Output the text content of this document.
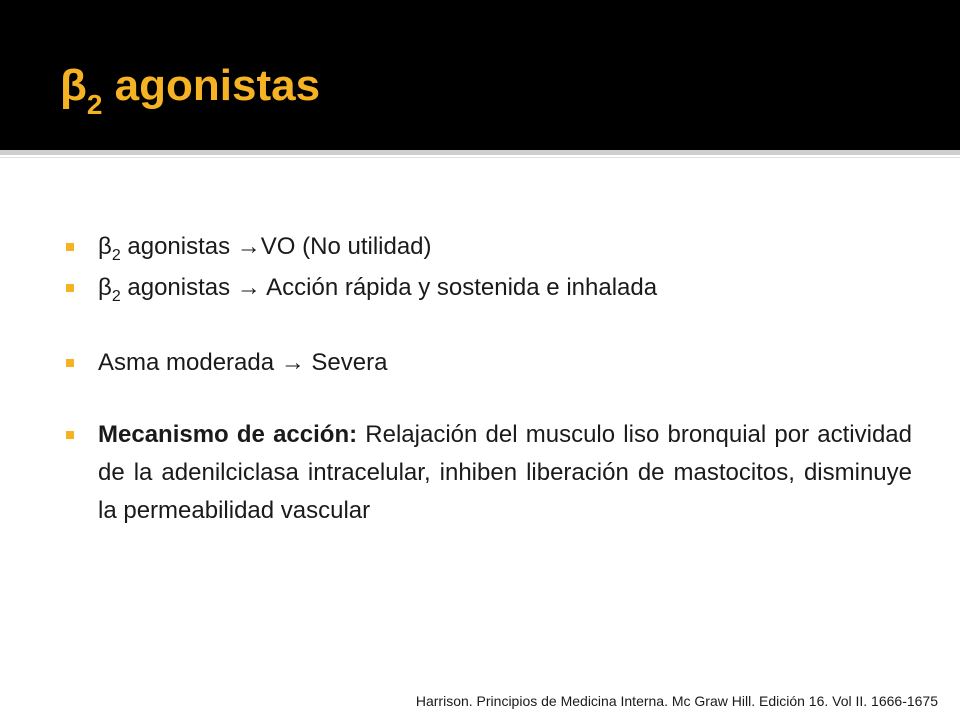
$\beta_2$ agonistas
$\beta_2$ agonistas →VO (No utilidad)
$\beta_2$ agonistas → Acción rápida y sostenida e inhalada
Asma moderada → Severa
Mecanismo de acción: Relajación del musculo liso bronquial por actividad de la adenilciclasa intracelular, inhiben liberación de mastocitos, disminuye la permeabilidad vascular
Harrison. Principios de Medicina Interna. Mc Graw Hill. Edición 16. Vol II. 1666-1675
